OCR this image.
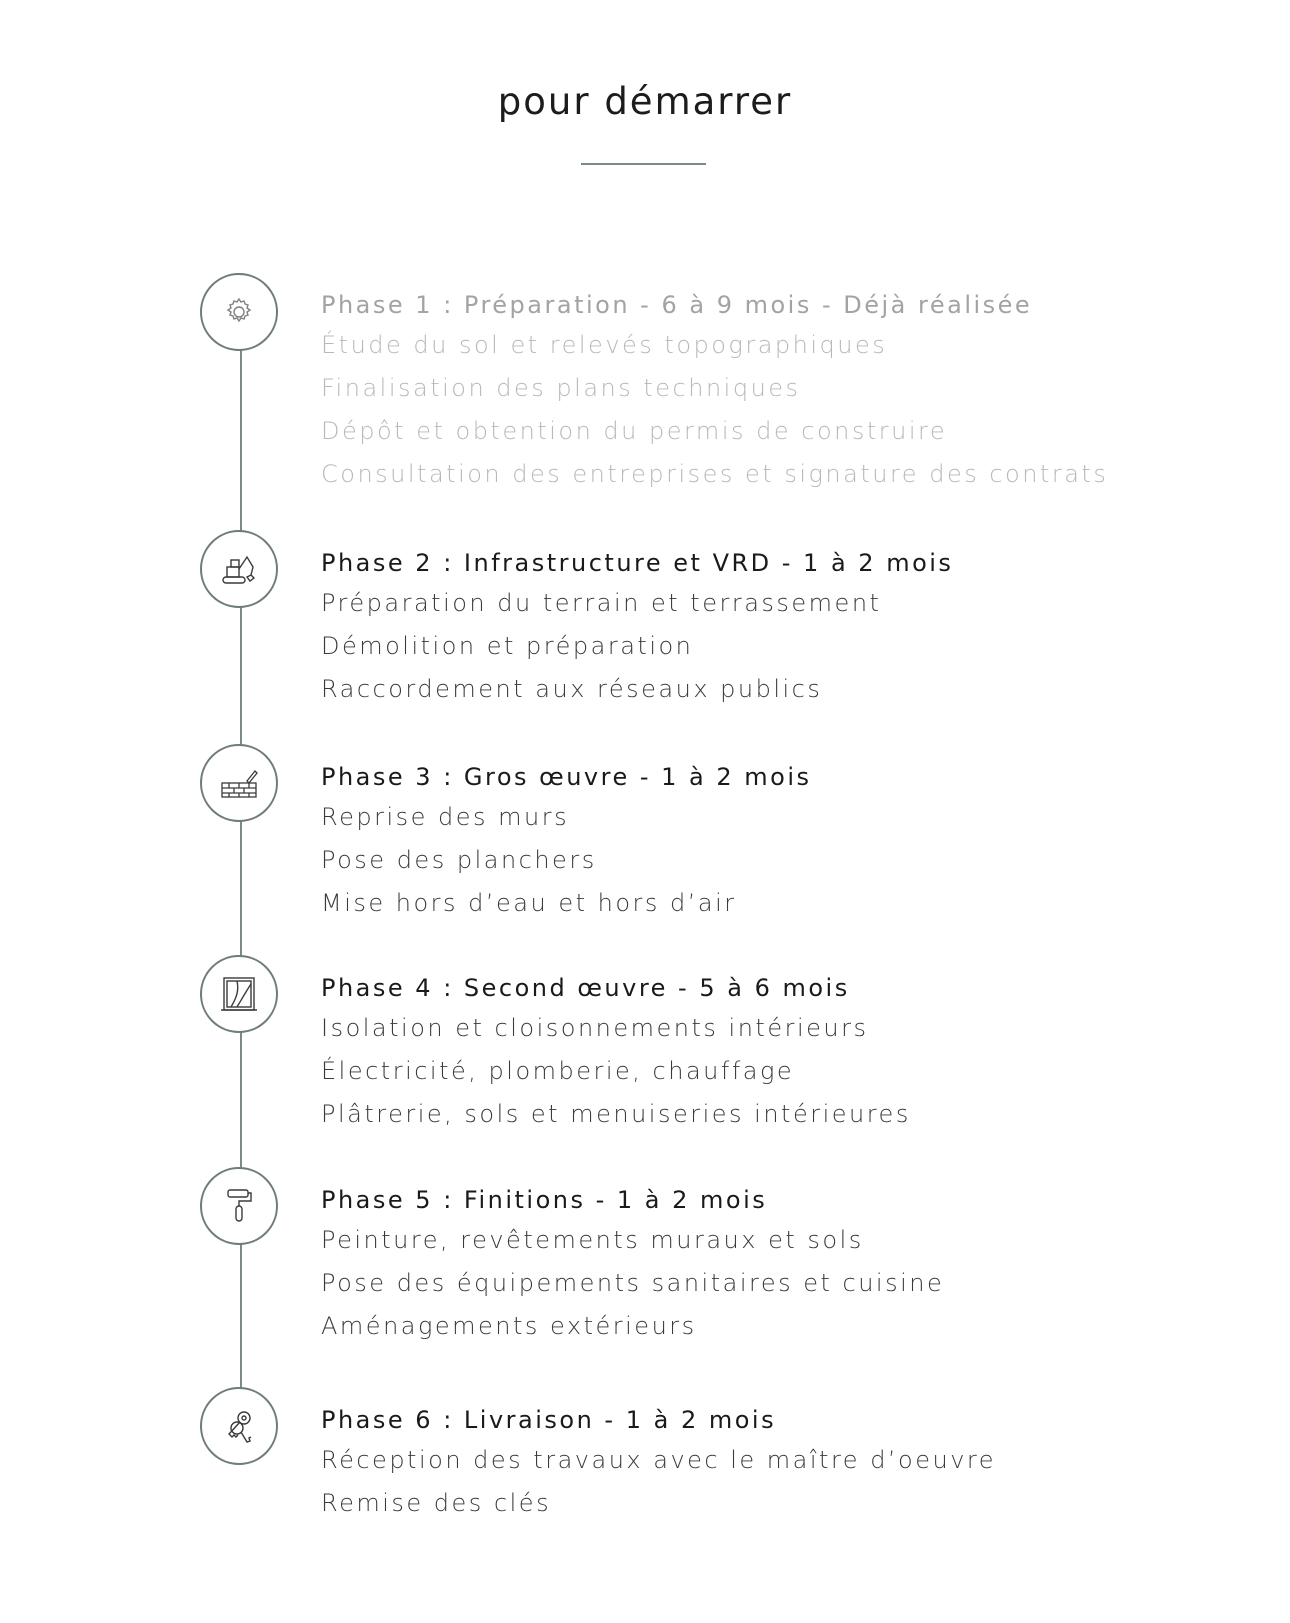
pour démarrer
Phase 1 : Préparation - 6 à 9 mois - Déjà réalisée
Étude du sol et relevés topographiques
Finalisation des plans techniques
Dépôt et obtention du permis de construire
Consultation des entreprises et signature des contrats
Phase 2 : Infrastructure et VRD - 1 à 2 mois
Préparation du terrain et terrassement
Démolition et préparation
Raccordement aux réseaux publics
Phase 3 : Gros œuvre - 1 à 2 mois
Reprise des murs
Pose des planchers
Mise hors d’eau et hors d’air
Phase 4 : Second œuvre - 5 à 6 mois
Isolation et cloisonnements intérieurs
Électricité, plomberie, chauffage
Plâtrerie, sols et menuiseries intérieures
Phase 5 : Finitions - 1 à 2 mois
Peinture, revêtements muraux et sols
Pose des équipements sanitaires et cuisine
Aménagements extérieurs
Phase 6 : Livraison - 1 à 2 mois
Réception des travaux avec le maître d’oeuvre
Remise des clés
